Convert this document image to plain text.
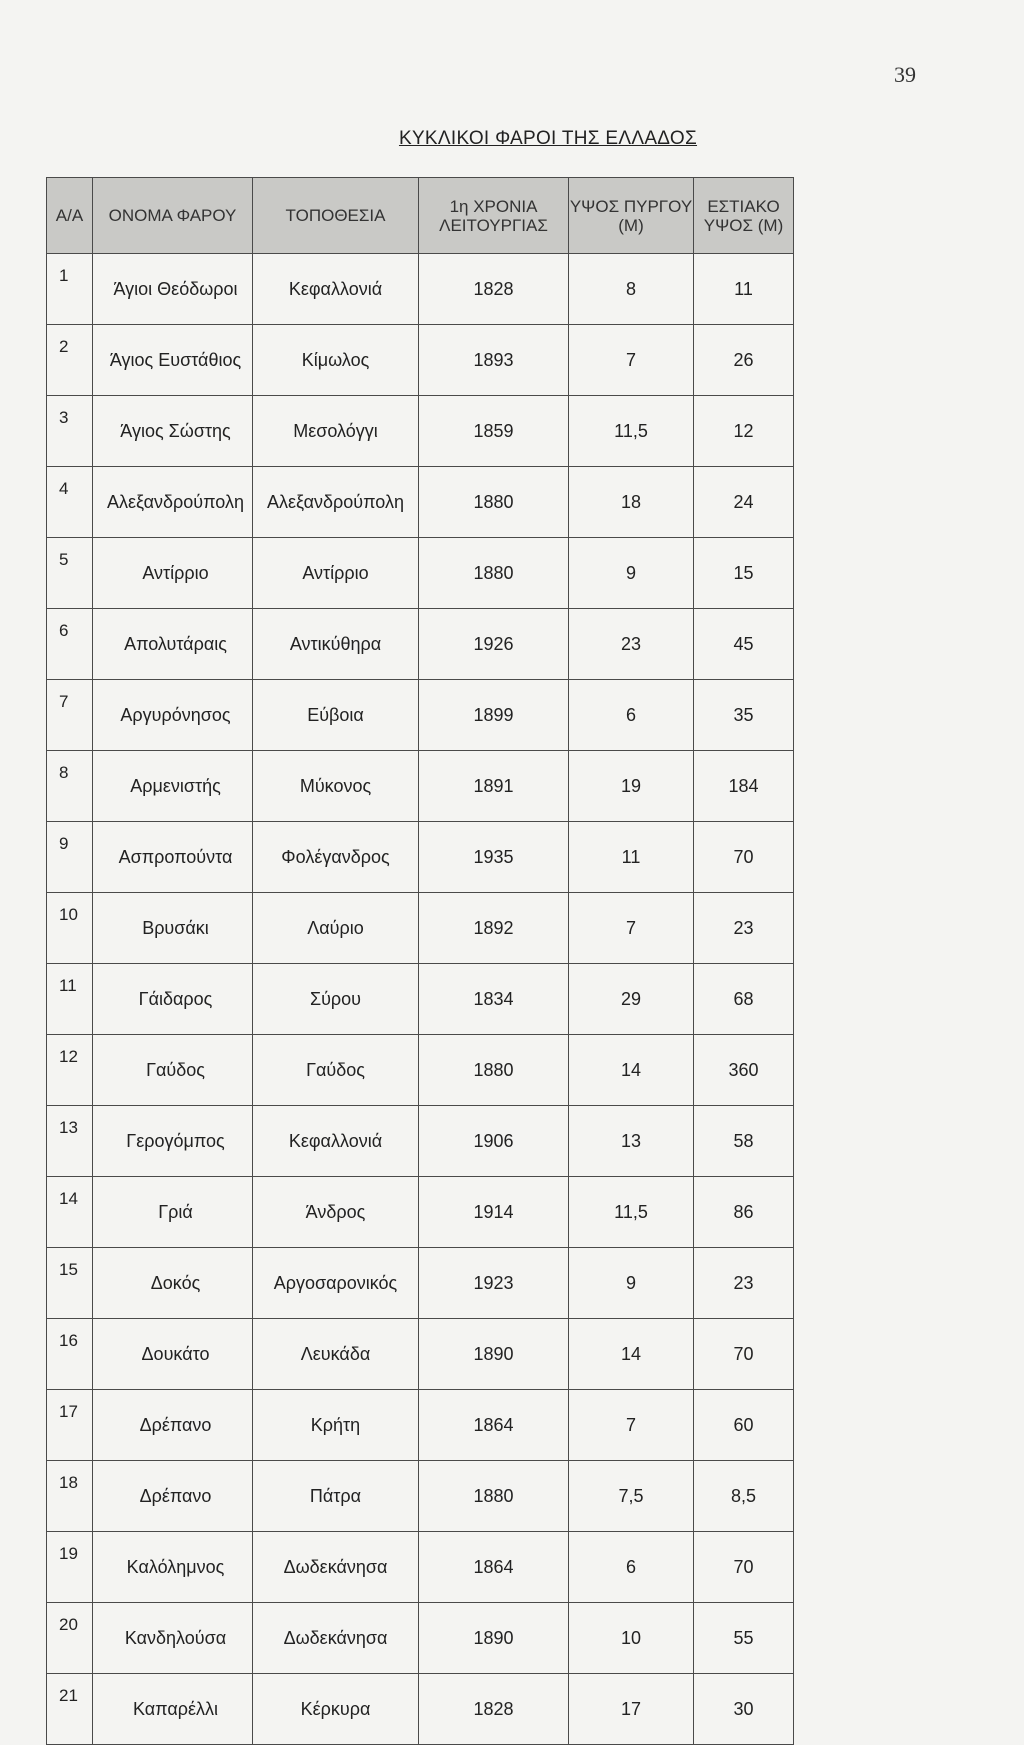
39
ΚΥΚΛΙΚΟΙ ΦΑΡΟΙ ΤΗΣ ΕΛΛΑΔΟΣ
Α/Α	ΟΝΟΜΑ ΦΑΡΟΥ	ΤΟΠΟΘΕΣΙΑ	1η ΧΡΟΝΙΑ ΛΕΙΤΟΥΡΓΙΑΣ	ΥΨΟΣ ΠΥΡΓΟΥ (Μ)	ΕΣΤΙΑΚΟ ΥΨΟΣ (Μ)
1	Άγιοι Θεόδωροι	Κεφαλλονιά	1828	8	11
2	Άγιος Ευστάθιος	Κίμωλος	1893	7	26
3	Άγιος Σώστης	Μεσολόγγι	1859	11,5	12
4	Αλεξανδρούπολη	Αλεξανδρούπολη	1880	18	24
5	Αντίρριο	Αντίρριο	1880	9	15
6	Απολυτάραις	Αντικύθηρα	1926	23	45
7	Αργυρόνησος	Εύβοια	1899	6	35
8	Αρμενιστής	Μύκονος	1891	19	184
9	Ασπροπούντα	Φολέγανδρος	1935	11	70
10	Βρυσάκι	Λαύριο	1892	7	23
11	Γάιδαρος	Σύρου	1834	29	68
12	Γαύδος	Γαύδος	1880	14	360
13	Γερογόμπος	Κεφαλλονιά	1906	13	58
14	Γριά	Άνδρος	1914	11,5	86
15	Δοκός	Αργοσαρονικός	1923	9	23
16	Δουκάτο	Λευκάδα	1890	14	70
17	Δρέπανο	Κρήτη	1864	7	60
18	Δρέπανο	Πάτρα	1880	7,5	8,5
19	Καλόλημνος	Δωδεκάνησα	1864	6	70
20	Κανδηλούσα	Δωδεκάνησα	1890	10	55
21	Καπαρέλλι	Κέρκυρα	1828	17	30
